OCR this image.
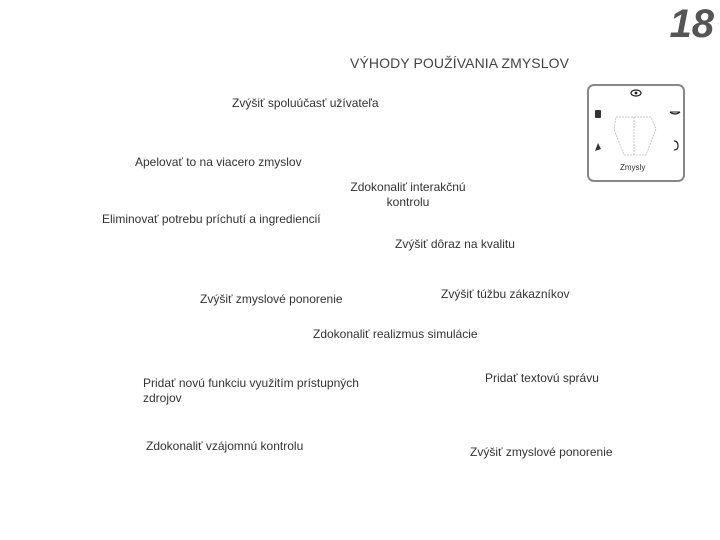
18
VÝHODY POUŽÍVANIA ZMYSLOV
Zvýšiť spoluúčasť užívateľa
Apelovať to na viacero zmyslov
Zdokonaliť interakčnú kontrolu
Eliminovať potrebu príchutí a ingrediencií
Zvýšiť dôraz na kvalitu
Zvýšiť túžbu zákazníkov
Zvýšiť zmyslové ponorenie
Zdokonaliť realizmus simulácie
Pridať textovú správu
Pridať novú funkciu využitím prístupných zdrojov
Zdokonaliť vzájomnú kontrolu	Zvýšiť zmyslové ponorenie
Zmysly
